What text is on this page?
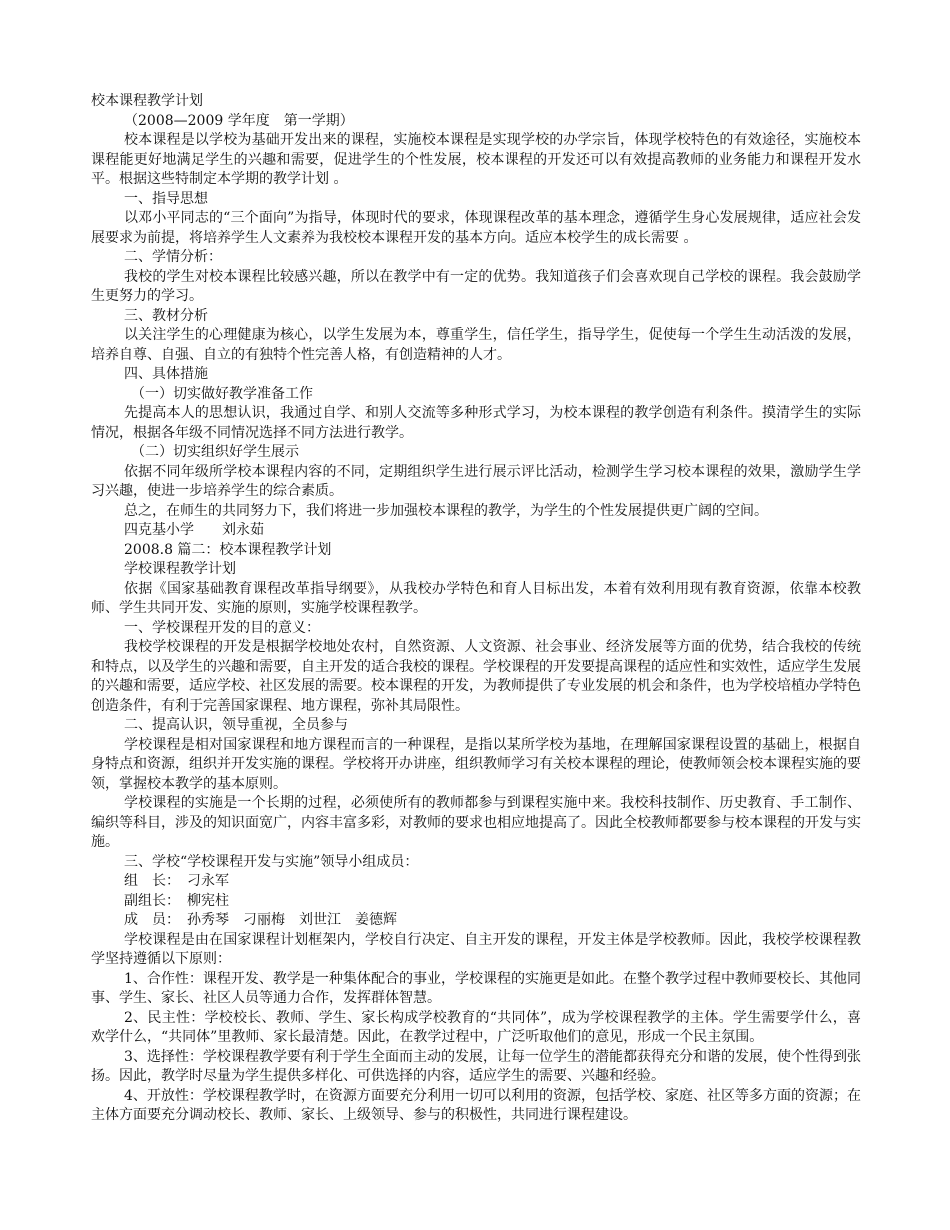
校本课程教学计划

（2008—2009 学年度　第一学期）

校本课程是以学校为基础开发出来的课程，实施校本课程是实现学校的办学宗旨，体现学校特色的有效途径，实施校本课程能更好地满足学生的兴趣和需要，促进学生的个性发展，校本课程的开发还可以有效提高教师的业务能力和课程开发水平。根据这些特制定本学期的教学计划 。

一、指导思想

以邓小平同志的“三个面向”为指导，体现时代的要求，体现课程改革的基本理念，遵循学生身心发展规律，适应社会发展要求为前提，将培养学生人文素养为我校校本课程开发的基本方向。适应本校学生的成长需要 。

二、学情分析：

我校的学生对校本课程比较感兴趣，所以在教学中有一定的优势。我知道孩子们会喜欢现自己学校的课程。我会鼓励学生更努力的学习。

三、教材分析

以关注学生的心理健康为核心，以学生发展为本，尊重学生，信任学生，指导学生，促使每一个学生生动活泼的发展，培养自尊、自强、自立的有独特个性完善人格，有创造精神的人才。

四、具体措施

（一）切实做好教学准备工作

先提高本人的思想认识，我通过自学、和别人交流等多种形式学习，为校本课程的教学创造有利条件。摸清学生的实际情况，根据各年级不同情况选择不同方法进行教学。

（二）切实组织好学生展示

依据不同年级所学校本课程内容的不同，定期组织学生进行展示评比活动，检测学生学习校本课程的效果，激励学生学习兴趣，使进一步培养学生的综合素质。

总之，在师生的共同努力下，我们将进一步加强校本课程的教学，为学生的个性发展提供更广阔的空间。

四克基小学　　刘永茹

2008.8 篇二：校本课程教学计划

学校课程教学计划

依据《国家基础教育课程改革指导纲要》，从我校办学特色和育人目标出发，本着有效利用现有教育资源，依靠本校教师、学生共同开发、实施的原则，实施学校课程教学。

一、学校课程开发的目的意义：

我校学校课程的开发是根据学校地处农村，自然资源、人文资源、社会事业、经济发展等方面的优势，结合我校的传统和特点，以及学生的兴趣和需要，自主开发的适合我校的课程。学校课程的开发要提高课程的适应性和实效性，适应学生发展的兴趣和需要，适应学校、社区发展的需要。校本课程的开发，为教师提供了专业发展的机会和条件，也为学校培植办学特色创造条件，有利于完善国家课程、地方课程，弥补其局限性。

二、提高认识，领导重视，全员参与

学校课程是相对国家课程和地方课程而言的一种课程，是指以某所学校为基地，在理解国家课程设置的基础上，根据自身特点和资源，组织并开发实施的课程。学校将开办讲座，组织教师学习有关校本课程的理论，使教师领会校本课程实施的要领，掌握校本教学的基本原则。

学校课程的实施是一个长期的过程，必须使所有的教师都参与到课程实施中来。我校科技制作、历史教育、手工制作、编织等科目，涉及的知识面宽广，内容丰富多彩，对教师的要求也相应地提高了。因此全校教师都要参与校本课程的开发与实施。

三、学校“学校课程开发与实施”领导小组成员：

组　长：　刁永军

副组长：　柳宪柱

成　员：　孙秀琴　刁丽梅　刘世江　姜德辉

学校课程是由在国家课程计划框架内，学校自行决定、自主开发的课程，开发主体是学校教师。因此，我校学校课程教学坚持遵循以下原则：

1、合作性：课程开发、教学是一种集体配合的事业，学校课程的实施更是如此。在整个教学过程中教师要校长、其他同事、学生、家长、社区人员等通力合作，发挥群体智慧。

2、民主性：学校校长、教师、学生、家长构成学校教育的“共同体”，成为学校课程教学的主体。学生需要学什么，喜欢学什么，“共同体”里教师、家长最清楚。因此，在教学过程中，广泛听取他们的意见，形成一个民主氛围。

3、选择性：学校课程教学要有利于学生全面而主动的发展，让每一位学生的潜能都获得充分和谐的发展，使个性得到张扬。因此，教学时尽量为学生提供多样化、可供选择的内容，适应学生的需要、兴趣和经验。

4、开放性：学校课程教学时，在资源方面要充分利用一切可以利用的资源，包括学校、家庭、社区等多方面的资源；在主体方面要充分调动校长、教师、家长、上级领导、参与的积极性，共同进行课程建设。
